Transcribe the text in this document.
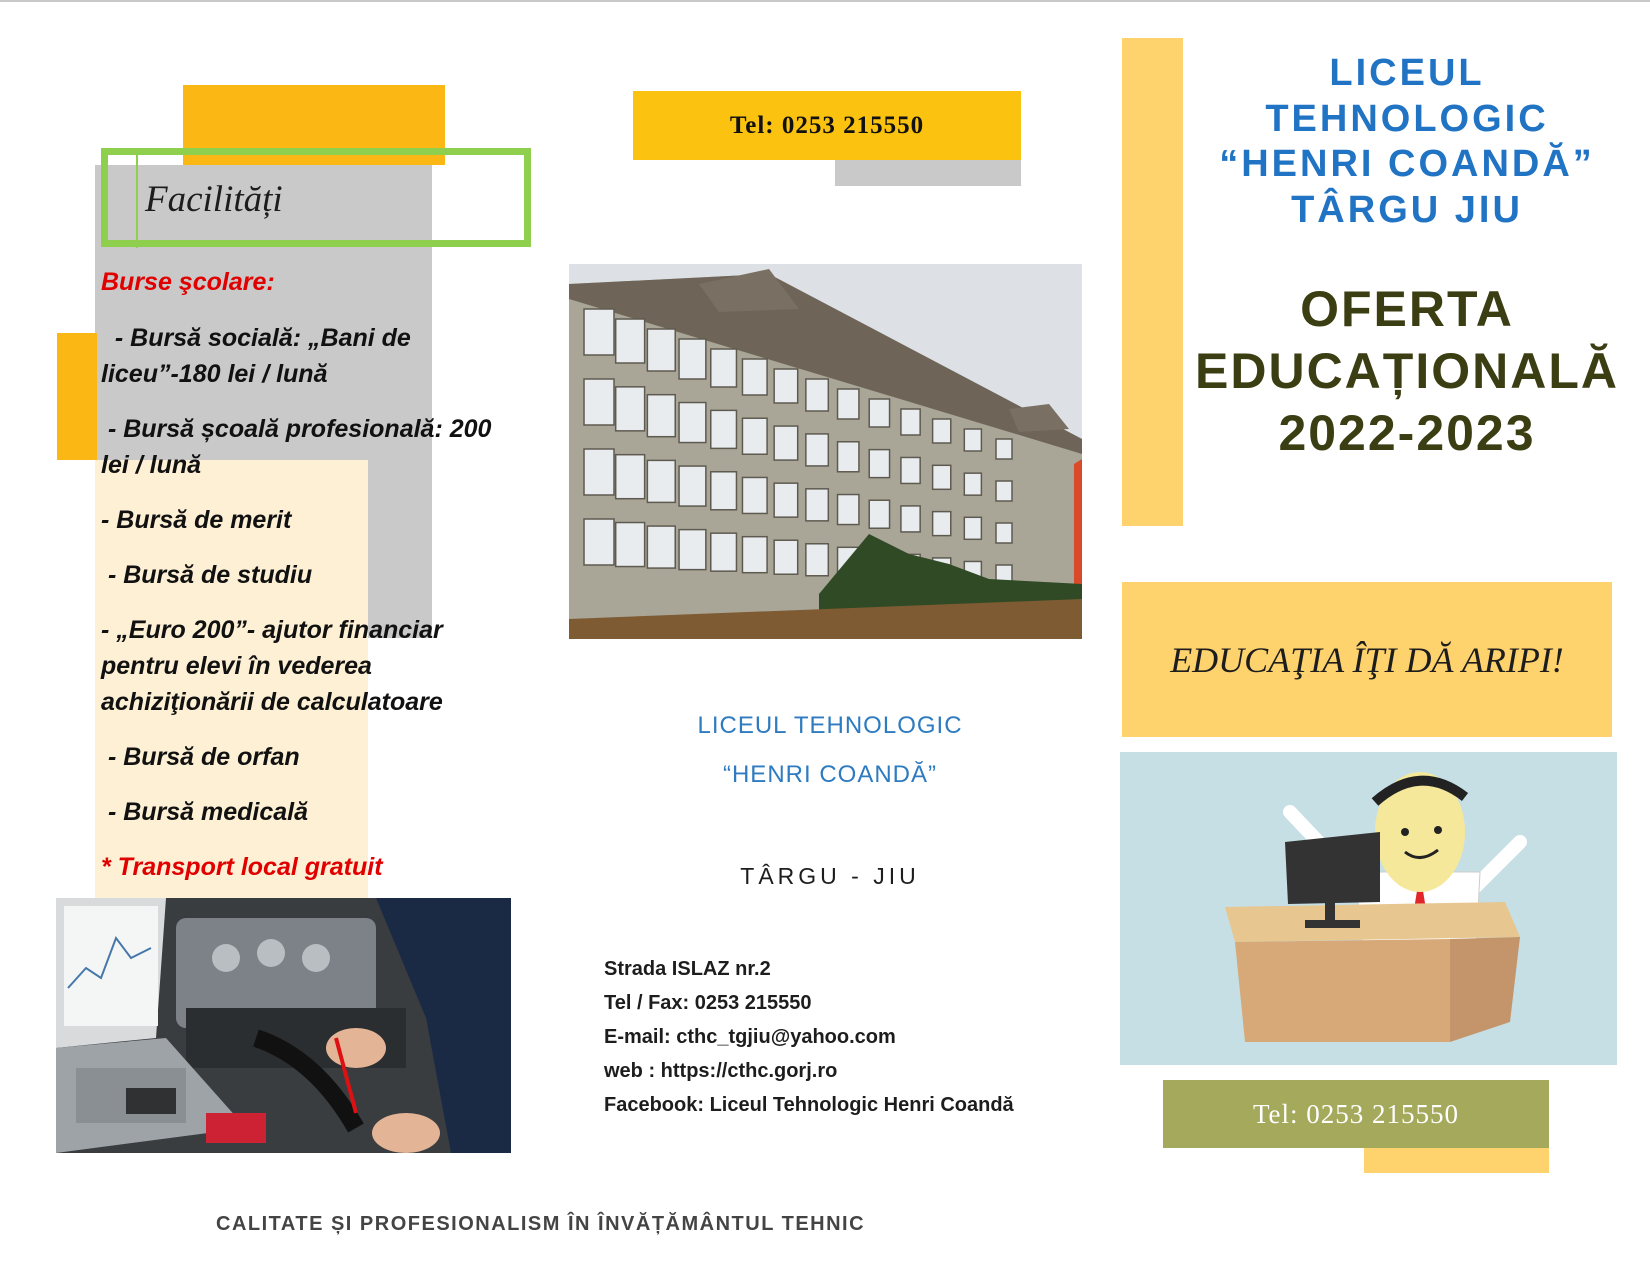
Facilități
Burse şcolare:
- Bursă socială: „Bani de
liceu”-180 lei / lună
- Bursă școală profesională: 200
lei / lună
- Bursă de merit
- Bursă de studiu
- „Euro 200”- ajutor financiar
pentru elevi în vederea
achiziţionării de calculatoare
- Bursă de orfan
- Bursă medicală
* Transport local gratuit
CALITATE ȘI PROFESIONALISM ÎN ÎNVĂȚĂMÂNTUL TEHNIC
Tel: 0253 215550
LICEUL TEHNOLOGIC
“HENRI COANDĂ”
TÂRGU - JIU
Strada ISLAZ nr.2
Tel / Fax: 0253 215550
E-mail: cthc_tgjiu@yahoo.com
web : https://cthc.gorj.ro
Facebook: Liceul Tehnologic Henri Coandă
LICEUL
TEHNOLOGIC
“HENRI COANDĂ”
TÂRGU JIU
OFERTA
EDUCAȚIONALĂ
2022-2023
EDUCAŢIA ÎŢI DĂ ARIPI!
Tel: 0253 215550
